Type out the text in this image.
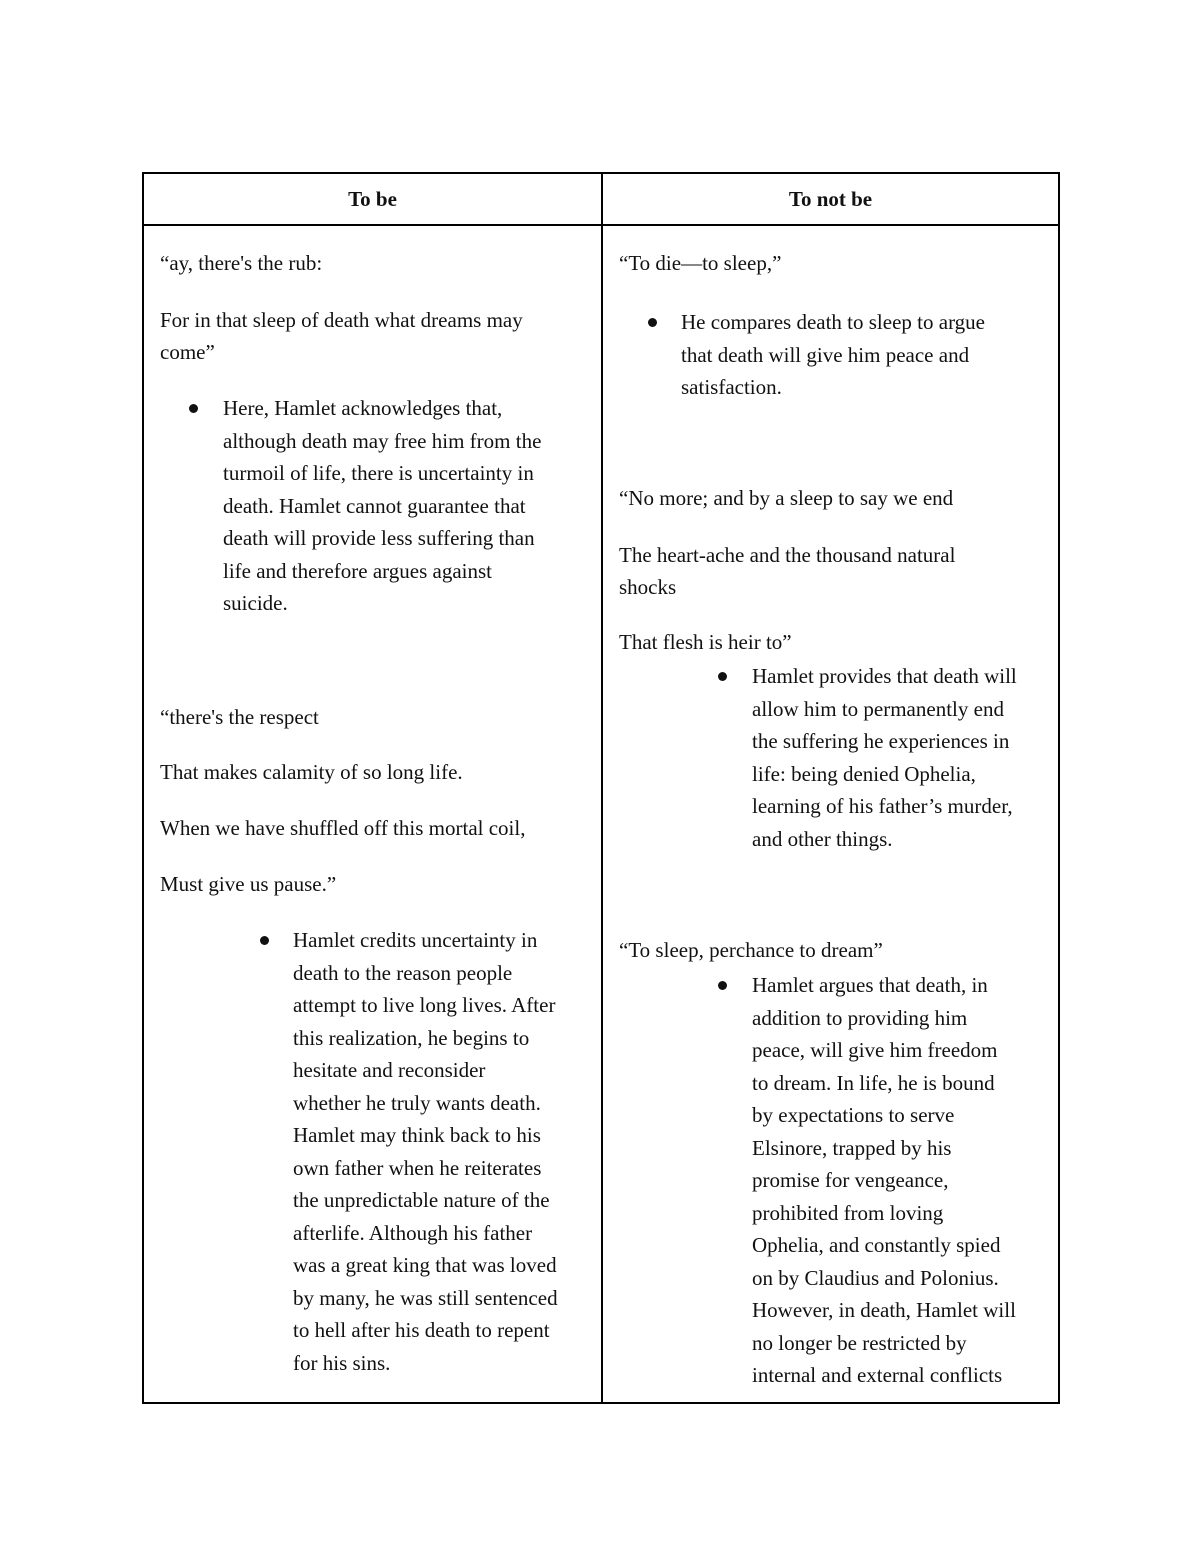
To be	To not be
“ay, there's the rub:
For in that sleep of death what dreams may
come”
Here, Hamlet acknowledges that,
although death may free him from the
turmoil of life, there is uncertainty in
death. Hamlet cannot guarantee that
death will provide less suffering than
life and therefore argues against
suicide.
“there's the respect
That makes calamity of so long life.
When we have shuffled off this mortal coil,
Must give us pause.”
Hamlet credits uncertainty in
death to the reason people
attempt to live long lives. After
this realization, he begins to
hesitate and reconsider
whether he truly wants death.
Hamlet may think back to his
own father when he reiterates
the unpredictable nature of the
afterlife. Although his father
was a great king that was loved
by many, he was still sentenced
to hell after his death to repent
for his sins.
“To die—to sleep,”
He compares death to sleep to argue
that death will give him peace and
satisfaction.
“No more; and by a sleep to say we end
The heart-ache and the thousand natural
shocks
That flesh is heir to”
Hamlet provides that death will
allow him to permanently end
the suffering he experiences in
life: being denied Ophelia,
learning of his father’s murder,
and other things.
“To sleep, perchance to dream”
Hamlet argues that death, in
addition to providing him
peace, will give him freedom
to dream. In life, he is bound
by expectations to serve
Elsinore, trapped by his
promise for vengeance,
prohibited from loving
Ophelia, and constantly spied
on by Claudius and Polonius.
However, in death, Hamlet will
no longer be restricted by
internal and external conflicts
